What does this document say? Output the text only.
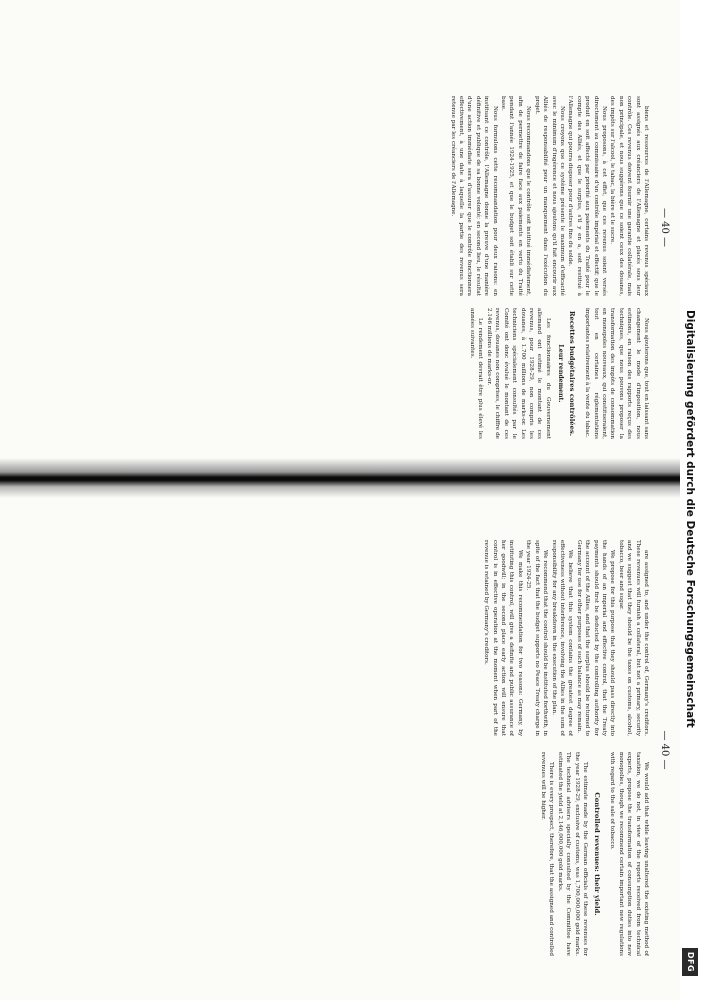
— 40 —

biens et ressources de l'Allemagne, certains revenus spéciaux sont assignés aux créanciers de l'Allemagne et placés sous leur contrôle. Ces revenus doivent fournir une garantie collatérale, mais non principale, et nous suggérons que ce soient ceux des douanes, des impôts sur l'alcool, le tabac, la bière et le sucre.

Nous proposons, à cet effet, que ces revenus soient versés directement au commissaire d'un contrôle impérial et effectif; que le produit en soit affecté par priorité aux paiements du Traité pour le compte des Alliés, et que le surplus, s'il y en a, soit restitué à l'Allemagne qui pourra disposer pour d'autres fins du solde.

Nous croyons que ce système présente le maximum d'efficacité avec le minimum d'ingérence et nous ajoutons qu'il fait encourir aux Alliés de responsabilité pour un manquement dans l'exécution du projet.

Nous recommandons que le contrôle soit institué immédiatement, afin de permettre de faire face aux paiements en vertu du Traité pendant l'année 1924-1925, et que le budget soit établi sur cette base.

Nous formulons cette recommandation pour deux raisons: en instituant ce contrôle, l'Allemagne donne la preuve d'une manière définitive et publique de sa bonne volonté; en second lieu, le résultat d'une action immédiate sera d'assurer que le contrôle fonctionnera effectivement, à une date à laquelle la partie des revenus sera retenue par les créanciers de l'Allemagne.

Nous ajouterons que, tout en laissant sans changement le mode d'imposition, nous estimons, en raison des rapports reçus des techniques, que nous pouvons proposer la transformation des impôts de consommation en monopoles nouveaux, qui constitueraient, tout en certaines réglementations importantes relativement à la vente du tabac.

Recettes budgétaires contrôlées.
Leur rendement.

Les fonctionnaires du Gouvernement allemand ont estimé le montant de ces revenus, pour 1928-29, non compris les douanes, à 1.700 millions de marks-or. Les techniciens spécialement consultés par le Comité ont donc évalué le montant de ces revenus, douanes non comprises, le chiffre de 2.146 millions de marks-or.

Le rendement devrait être plus élevé les années suivantes.

— 40 —

are assigned to, and under the control of, Germany's creditors. These revenues will furnish a collateral, but not a primary, security and we suggest that they should be the taxes on customs, alcohol, tobacco, beer and sugar.

We propose for this purpose that they should pass directly into the hands of an imperial and effective control, that the Treaty payments should first be deducted by the controlling authority for the account of the Allies, and that the surplus should be returned to Germany for use for other purposes of such balance as may remain.

We believe that this system contains the greatest degree of effectiveness without interference, involving the Allies in the sum of responsibility for any breakdown in the execution of the plan.

We recommend that the control should be instituted forthwith, in spite of the fact that the budget supports no Peace Treaty charge in the year 1924-25.

We make this recommendation for two reasons: Germany, by instituting this control, will give a definite and public assurance of her goodwill; in the second place early action will ensure that control is in effective operation at the moment when part of the revenue is retained by Germany's creditors.

We would add that while leaving unaltered the existing method of taxation, we do not, in view of the reports received from technical experts, propose the transformation of consumption duties into new monopolies, though we recommend certain important new regulations with regard to the sale of tobacco.

Controlled revenues: their yield.

The estimate made by the German officials of these revenues for the year 1928-29, exclusive of customs, was 1,700,000,000 gold marks. The technical advisers specially consulted by the Committee have estimated the yield at 2,146,000,000 gold marks.

There is every prospect, therefore, that the assigned and controlled revenues will be higher.

Digitalisierung gefördert durch die Deutsche Forschungsgemeinschaft
DFG
